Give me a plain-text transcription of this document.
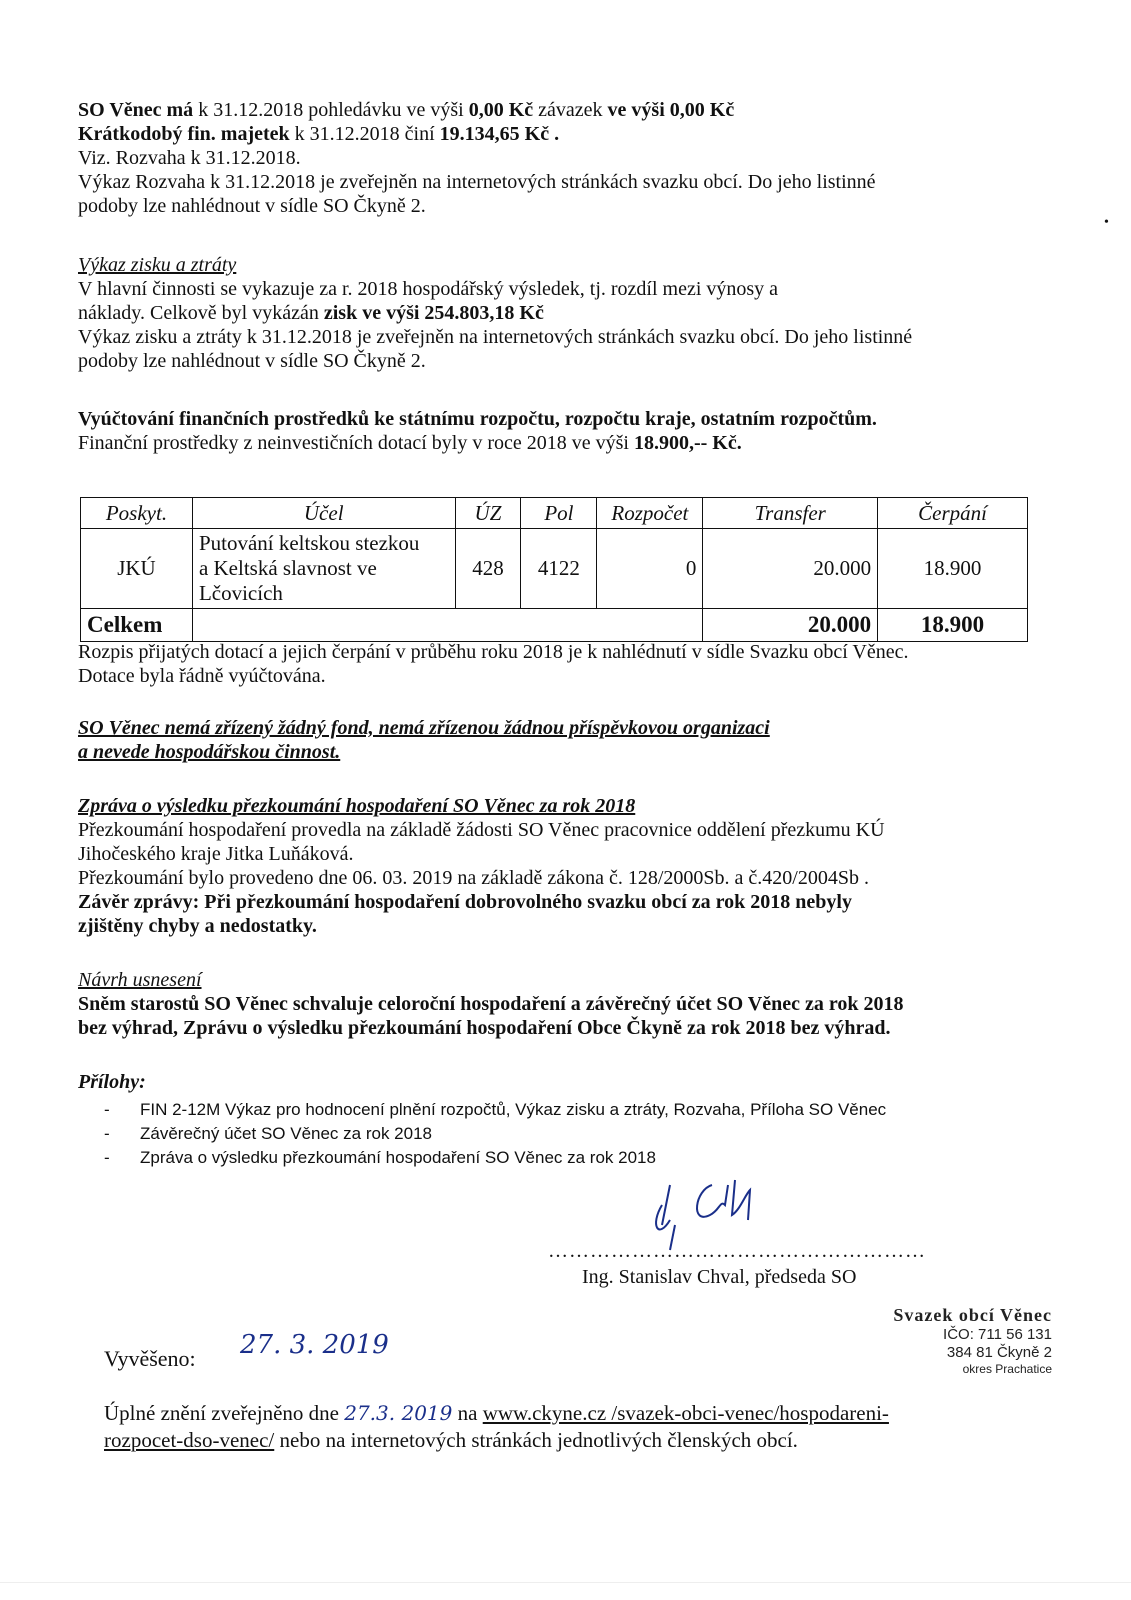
SO Věnec má k 31.12.2018 pohledávku ve výši 0,00 Kč závazek ve výši 0,00 Kč

Krátkodobý fin. majetek k 31.12.2018 činí 19.134,65 Kč .

Viz. Rozvaha k 31.12.2018.

Výkaz Rozvaha k 31.12.2018 je zveřejněn na internetových stránkách svazku obcí. Do jeho listinné

podoby lze nahlédnout v sídle SO Čkyně 2.

Výkaz zisku a ztráty

V hlavní činnosti se vykazuje za r. 2018 hospodářský výsledek, tj. rozdíl mezi výnosy a

náklady. Celkově byl vykázán zisk ve výši 254.803,18 Kč

Výkaz zisku a ztráty k 31.12.2018 je zveřejněn na internetových stránkách svazku obcí. Do jeho listinné

podoby lze nahlédnout v sídle SO Čkyně 2.

Vyúčtování finančních prostředků ke státnímu rozpočtu, rozpočtu kraje, ostatním rozpočtům.

Finanční prostředky z neinvestičních dotací byly v roce 2018 ve výši 18.900,-- Kč.

Poskyt.	Účel	ÚZ	Pol	Rozpočet	Transfer	Čerpání
JKÚ	Putování keltskou stezkou
a Keltská slavnost ve
Lčovicích	428	4122	0	20.000	18.900
Celkem					20.000	18.900

Rozpis přijatých dotací a jejich čerpání v průběhu roku 2018 je k nahlédnutí v sídle Svazku obcí Věnec.

Dotace byla řádně vyúčtována.

SO Věnec nemá zřízený žádný fond, nemá zřízenou žádnou příspěvkovou organizaci

a nevede hospodářskou činnost.

Zpráva o výsledku přezkoumání hospodaření SO Věnec za rok 2018

Přezkoumání hospodaření provedla na základě žádosti SO Věnec pracovnice oddělení přezkumu KÚ

Jihočeského kraje Jitka Luňáková.

Přezkoumání bylo provedeno dne 06. 03. 2019 na základě zákona č. 128/2000Sb. a č.420/2004Sb .

Závěr zprávy: Při přezkoumání hospodaření dobrovolného svazku obcí za rok 2018 nebyly

zjištěny chyby a nedostatky.

Návrh usnesení

Sněm starostů SO Věnec schvaluje celoroční hospodaření a závěrečný účet SO Věnec za rok 2018

bez výhrad, Zprávu o výsledku přezkoumání hospodaření Obce Čkyně za rok 2018 bez výhrad.

Přílohy:

- FIN 2-12M Výkaz pro hodnocení plnění rozpočtů, Výkaz zisku a ztráty, Rozvaha, Příloha SO Věnec
- Závěrečný účet SO Věnec za rok 2018
- Zpráva o výsledku přezkoumání hospodaření SO Věnec za rok 2018
………………………………………………
Ing. Stanislav Chval, předseda SO
Svazek obcí Věnec
IČO: 711 56 131
384 81 Čkyně 2
okres Prachatice
Vyvěšeno: 27. 3. 2019
Úplné znění zveřejněno dne 27.3. 2019 na www.ckyne.cz /svazek-obci-venec/hospodareni-
rozpocet-dso-venec/ nebo na internetových stránkách jednotlivých členských obcí.
•
